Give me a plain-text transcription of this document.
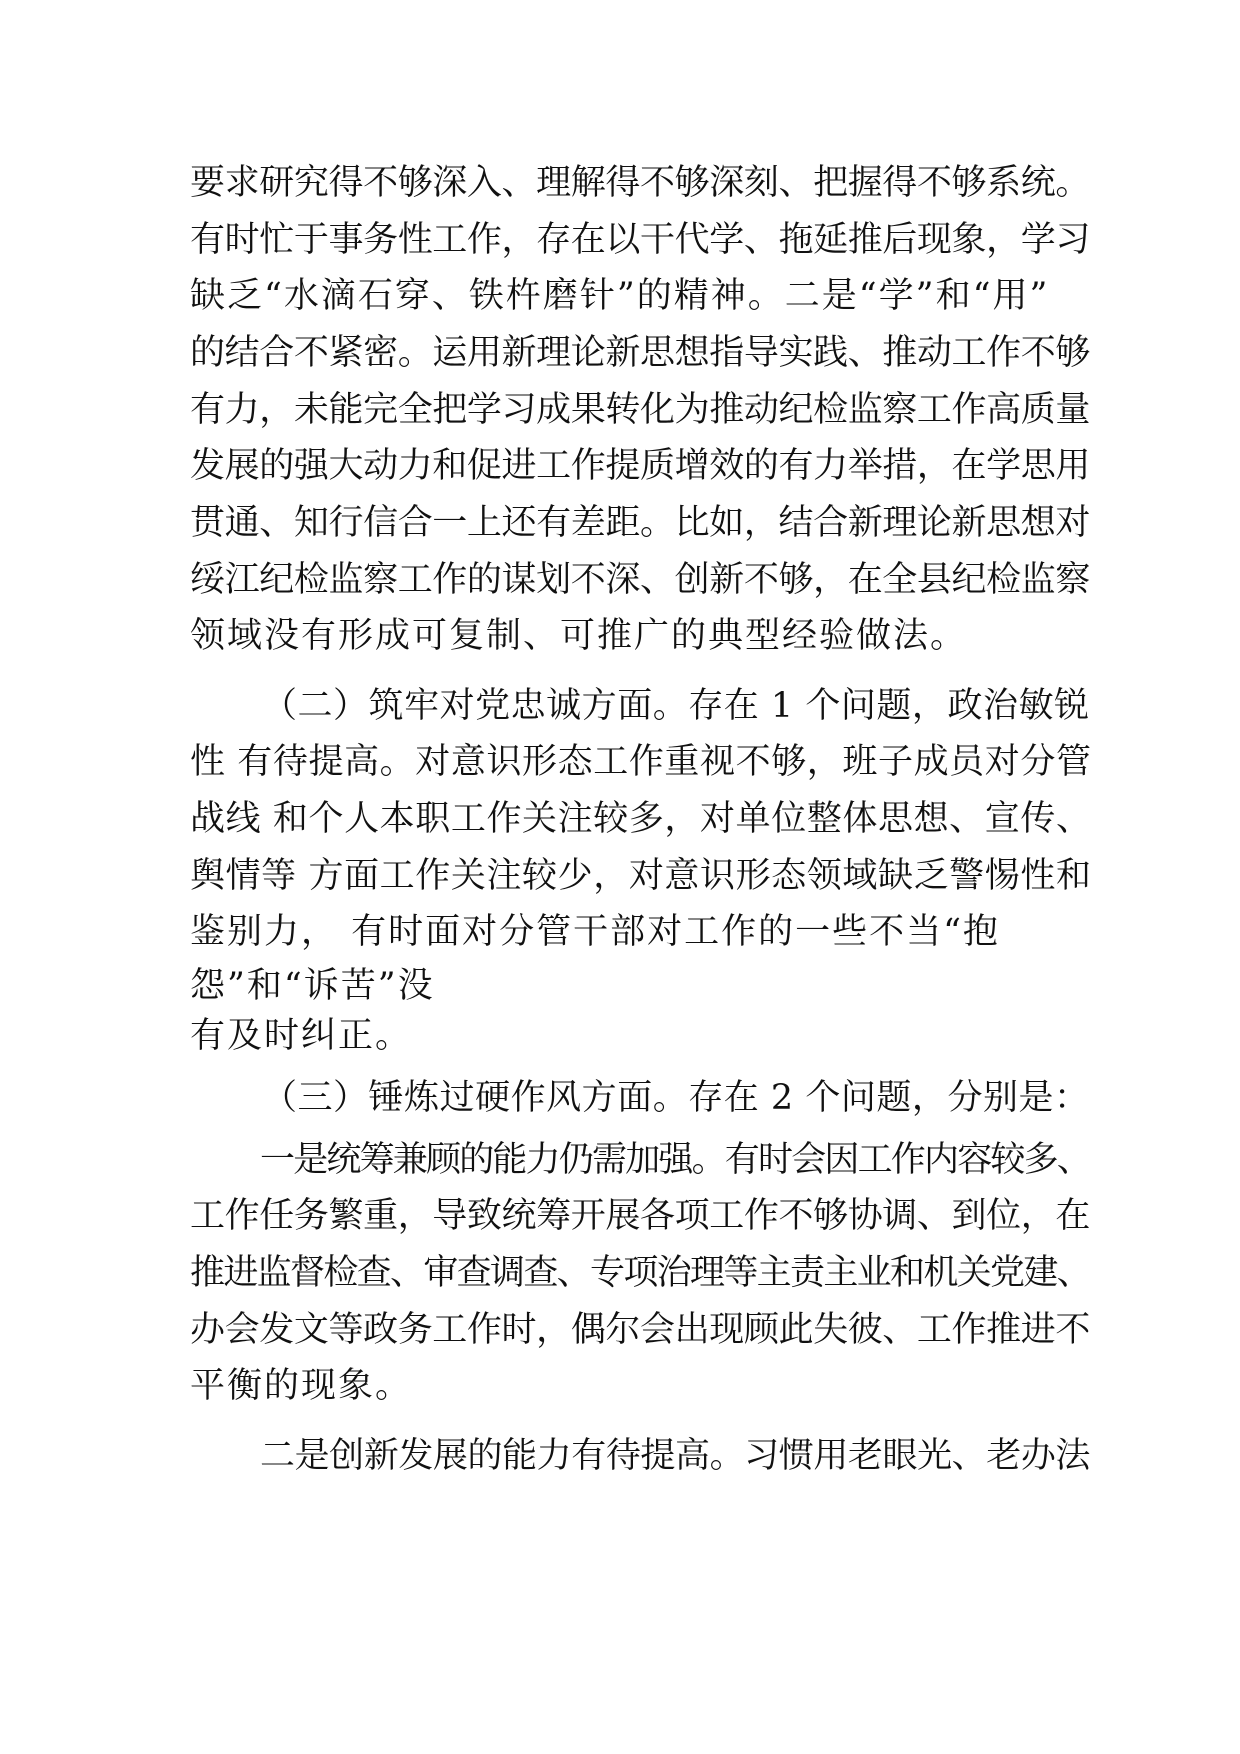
要求研究得不够深入、理解得不够深刻、把握得不够系统。
有时忙于事务性工作，存在以干代学、拖延推后现象，学习
缺乏“水滴石穿、铁杵磨针”的精神。二是“学”和“用”
的结合不紧密。运用新理论新思想指导实践、推动工作不够
有力，未能完全把学习成果转化为推动纪检监察工作高质量
发展的强大动力和促进工作提质增效的有力举措，在学思用
贯通、知行信合一上还有差距。比如，结合新理论新思想对
绥江纪检监察工作的谋划不深、创新不够，在全县纪检监察
领域没有形成可复制、可推广的典型经验做法。
（二）筑牢对党忠诚方面。存在 1 个问题，政治敏锐
性 有待提高。对意识形态工作重视不够，班子成员对分管
战线 和个人本职工作关注较多，对单位整体思想、宣传、
舆情等 方面工作关注较少，对意识形态领域缺乏警惕性和
鉴别力， 有时面对分管干部对工作的一些不当“抱
怨”和“诉苦”没
有及时纠正。
（三）锤炼过硬作风方面。存在 2 个问题，分别是：
一是统筹兼顾的能力仍需加强。有时会因工作内容较多、
工作任务繁重，导致统筹开展各项工作不够协调、到位，在
推进监督检查、审查调查、专项治理等主责主业和机关党建、
办会发文等政务工作时，偶尔会出现顾此失彼、工作推进不
平衡的现象。
二是创新发展的能力有待提高。习惯用老眼光、老办法
